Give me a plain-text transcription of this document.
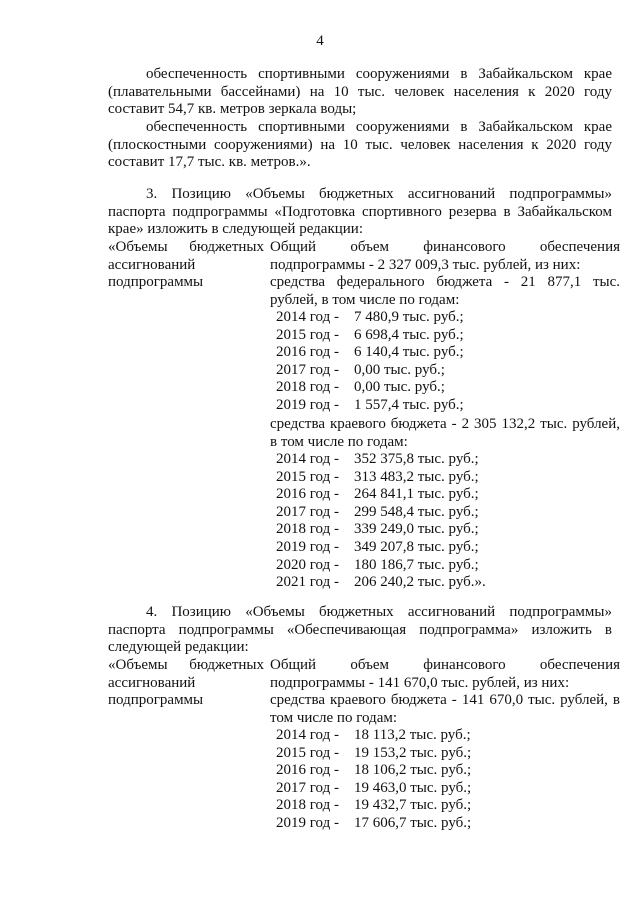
4
обеспеченность спортивными сооружениями в Забайкальском крае (плавательными бассейнами) на 10 тыс. человек населения к 2020 году составит 54,7 кв. метров зеркала воды;
обеспеченность спортивными сооружениями в Забайкальском крае (плоскостными сооружениями) на 10 тыс. человек населения к 2020 году составит 17,7 тыс. кв. метров.».
3. Позицию «Объемы бюджетных ассигнований подпрограммы» паспорта подпрограммы «Подготовка спортивного резерва в Забайкальском крае» изложить в следующей редакции:
«Объемы бюджетных
ассигнований
подпрограммы
Общий объем финансового обеспечения подпрограммы - 2 327 009,3 тыс. рублей, из них:
средства федерального бюджета - 21 877,1 тыс. рублей, в том числе по годам:
2014 год - 7 480,9 тыс. руб.;
2015 год - 6 698,4 тыс. руб.;
2016 год - 6 140,4 тыс. руб.;
2017 год - 0,00 тыс. руб.;
2018 год - 0,00 тыс. руб.;
2019 год - 1 557,4 тыс. руб.;
средства краевого бюджета - 2 305 132,2 тыс. рублей, в том числе по годам:
2014 год - 352 375,8 тыс. руб.;
2015 год - 313 483,2 тыс. руб.;
2016 год - 264 841,1 тыс. руб.;
2017 год - 299 548,4 тыс. руб.;
2018 год - 339 249,0 тыс. руб.;
2019 год - 349 207,8 тыс. руб.;
2020 год - 180 186,7 тыс. руб.;
2021 год - 206 240,2 тыс. руб.».
4. Позицию «Объемы бюджетных ассигнований подпрограммы» паспорта подпрограммы «Обеспечивающая подпрограмма» изложить в следующей редакции:
«Объемы бюджетных
ассигнований
подпрограммы
Общий объем финансового обеспечения подпрограммы - 141 670,0 тыс. рублей, из них:
средства краевого бюджета - 141 670,0 тыс. рублей, в том числе по годам:
2014 год - 18 113,2 тыс. руб.;
2015 год - 19 153,2 тыс. руб.;
2016 год - 18 106,2 тыс. руб.;
2017 год - 19 463,0 тыс. руб.;
2018 год - 19 432,7 тыс. руб.;
2019 год - 17 606,7 тыс. руб.;
